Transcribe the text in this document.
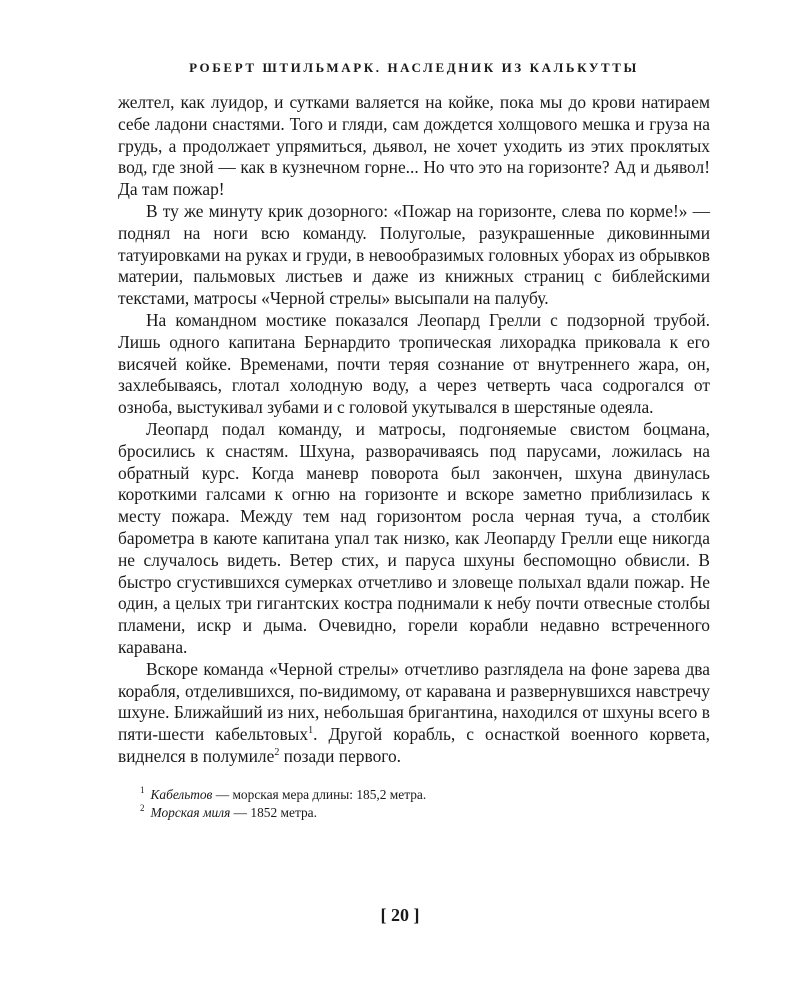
РОБЕРТ ШТИЛЬМАРК. НАСЛЕДНИК ИЗ КАЛЬКУТТЫ

желтел, как луидор, и сутками валяется на койке, пока мы до крови натираем себе ладони снастями. Того и гляди, сам дождется холщового мешка и груза на грудь, а продолжает упрямиться, дьявол, не хочет уходить из этих проклятых вод, где зной — как в кузнечном горне... Но что это на горизонте? Ад и дьявол! Да там пожар!

В ту же минуту крик дозорного: «Пожар на горизонте, слева по корме!» — поднял на ноги всю команду. Полуголые, разукрашенные диковинными татуировками на руках и груди, в невообразимых головных уборах из обрывков материи, пальмовых листьев и даже из книжных страниц с библейскими текстами, матросы «Черной стрелы» высыпали на палубу.

На командном мостике показался Леопард Грелли с подзорной трубой. Лишь одного капитана Бернардито тропическая лихорадка приковала к его висячей койке. Временами, почти теряя сознание от внутреннего жара, он, захлебываясь, глотал холодную воду, а через четверть часа содрогался от озноба, выстукивал зубами и с головой укутывался в шерстяные одеяла.

Леопард подал команду, и матросы, подгоняемые свистом боцмана, бросились к снастям. Шхуна, разворачиваясь под парусами, ложилась на обратный курс. Когда маневр поворота был закончен, шхуна двинулась короткими галсами к огню на горизонте и вскоре заметно приблизилась к месту пожара. Между тем над горизонтом росла черная туча, а столбик барометра в каюте капитана упал так низко, как Леопарду Грелли еще никогда не случалось видеть. Ветер стих, и паруса шхуны беспомощно обвисли. В быстро сгустившихся сумерках отчетливо и зловеще полыхал вдали пожар. Не один, а целых три гигантских костра поднимали к небу почти отвесные столбы пламени, искр и дыма. Очевидно, горели корабли недавно встреченного каравана.

Вскоре команда «Черной стрелы» отчетливо разглядела на фоне зарева два корабля, отделившихся, по-видимому, от каравана и развернувшихся навстречу шхуне. Ближайший из них, небольшая бригантина, находился от шхуны всего в пяти-шести кабельтовых$^1$. Другой корабль, с оснасткой военного корвета, виднелся в полумиле$^2$ позади первого.

$^1$ Кабельтов — морская мера длины: 185,2 метра.

$^2$ Морская миля — 1852 метра.

[ 20 ]
